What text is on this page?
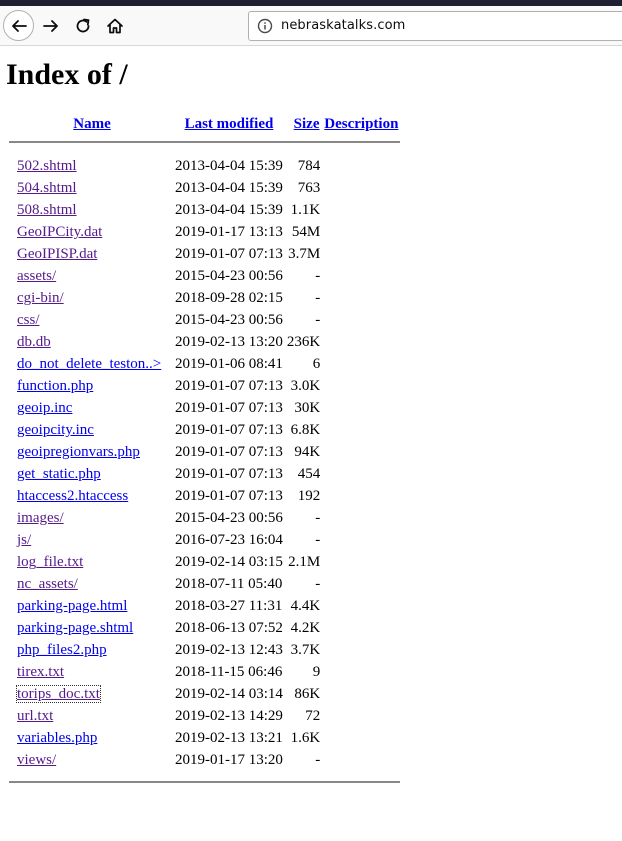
nebraskatalks.com
Index of /
Name	Last modified	Size	Description

502.shtml	2013-04-04 15:39	784	
504.shtml	2013-04-04 15:39	763	
508.shtml	2013-04-04 15:39	1.1K	
GeoIPCity.dat	2019-01-17 13:13	54M	
GeoIPISP.dat	2019-01-07 07:13	3.7M	
assets/	2015-04-23 00:56	-	
cgi-bin/	2018-09-28 02:15	-	
css/	2015-04-23 00:56	-	
db.db	2019-02-13 13:20	236K	
do_not_delete_teston..>	2019-01-06 08:41	6	
function.php	2019-01-07 07:13	3.0K	
geoip.inc	2019-01-07 07:13	30K	
geoipcity.inc	2019-01-07 07:13	6.8K	
geoipregionvars.php	2019-01-07 07:13	94K	
get_static.php	2019-01-07 07:13	454	
htaccess2.htaccess	2019-01-07 07:13	192	
images/	2015-04-23 00:56	-	
js/	2016-07-23 16:04	-	
log_file.txt	2019-02-14 03:15	2.1M	
nc_assets/	2018-07-11 05:40	-	
parking-page.html	2018-03-27 11:31	4.4K	
parking-page.shtml	2018-06-13 07:52	4.2K	
php_files2.php	2019-02-13 12:43	3.7K	
tirex.txt	2018-11-15 06:46	9	
torips_doc.txt	2019-02-14 03:14	86K	
url.txt	2019-02-13 14:29	72	
variables.php	2019-02-13 13:21	1.6K	
views/	2019-01-17 13:20	-	
